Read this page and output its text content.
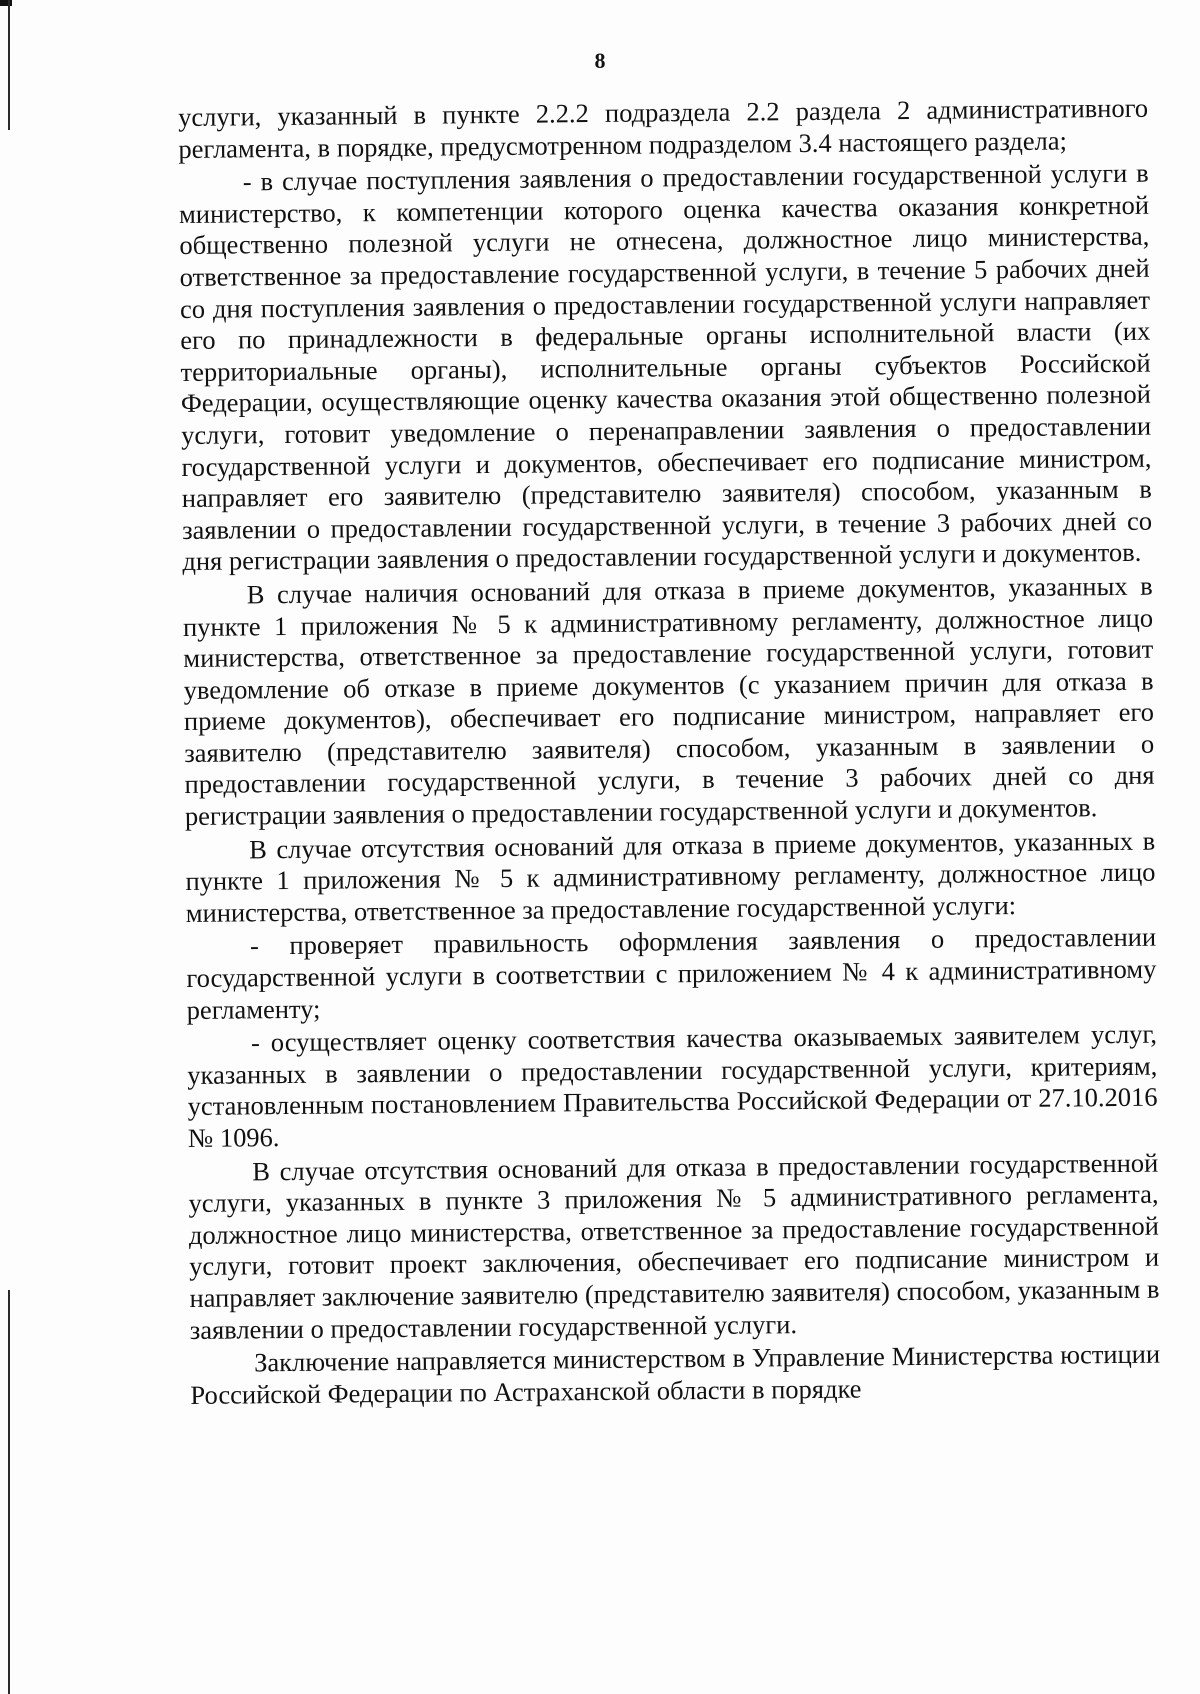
8

услуги, указанный в пункте 2.2.2 подраздела 2.2 раздела 2 административного регламента, в порядке, предусмотренном подразделом 3.4 настоящего раздела;

- в случае поступления заявления о предоставлении государственной услуги в министерство, к компетенции которого оценка качества оказания конкретной общественно полезной услуги не отнесена, должностное лицо министерства, ответственное за предоставление государственной услуги, в течение 5 рабочих дней со дня поступления заявления о предоставлении государственной услуги направляет его по принадлежности в федеральные органы исполнительной власти (их территориальные органы), исполнительные органы субъектов Российской Федерации, осуществляющие оценку качества оказания этой общественно полезной услуги, готовит уведомление о перенаправлении заявления о предоставлении государственной услуги и документов, обеспечивает его подписание министром, направляет его заявителю (представителю заявителя) способом, указанным в заявлении о предоставлении государственной услуги, в течение 3 рабочих дней со дня регистрации заявления о предоставлении государственной услуги и документов.

В случае наличия оснований для отказа в приеме документов, указанных в пункте 1 приложения № 5 к административному регламенту, должностное лицо министерства, ответственное за предоставление государственной услуги, готовит уведомление об отказе в приеме документов (с указанием причин для отказа в приеме документов), обеспечивает его подписание министром, направляет его заявителю (представителю заявителя) способом, указанным в заявлении о предоставлении государственной услуги, в течение 3 рабочих дней со дня регистрации заявления о предоставлении государственной услуги и документов.

В случае отсутствия оснований для отказа в приеме документов, указанных в пункте 1 приложения № 5 к административному регламенту, должностное лицо министерства, ответственное за предоставление государственной услуги:

- проверяет правильность оформления заявления о предоставлении государственной услуги в соответствии с приложением № 4 к административному регламенту;

- осуществляет оценку соответствия качества оказываемых заявителем услуг, указанных в заявлении о предоставлении государственной услуги, критериям, установленным постановлением Правительства Российской Федерации от 27.10.2016 № 1096.

В случае отсутствия оснований для отказа в предоставлении государственной услуги, указанных в пункте 3 приложения № 5 административного регламента, должностное лицо министерства, ответственное за предоставление государственной услуги, готовит проект заключения, обеспечивает его подписание министром и направляет заключение заявителю (представителю заявителя) способом, указанным в заявлении о предоставлении государственной услуги.

Заключение направляется министерством в Управление Министерства юстиции Российской Федерации по Астраханской области в порядке
